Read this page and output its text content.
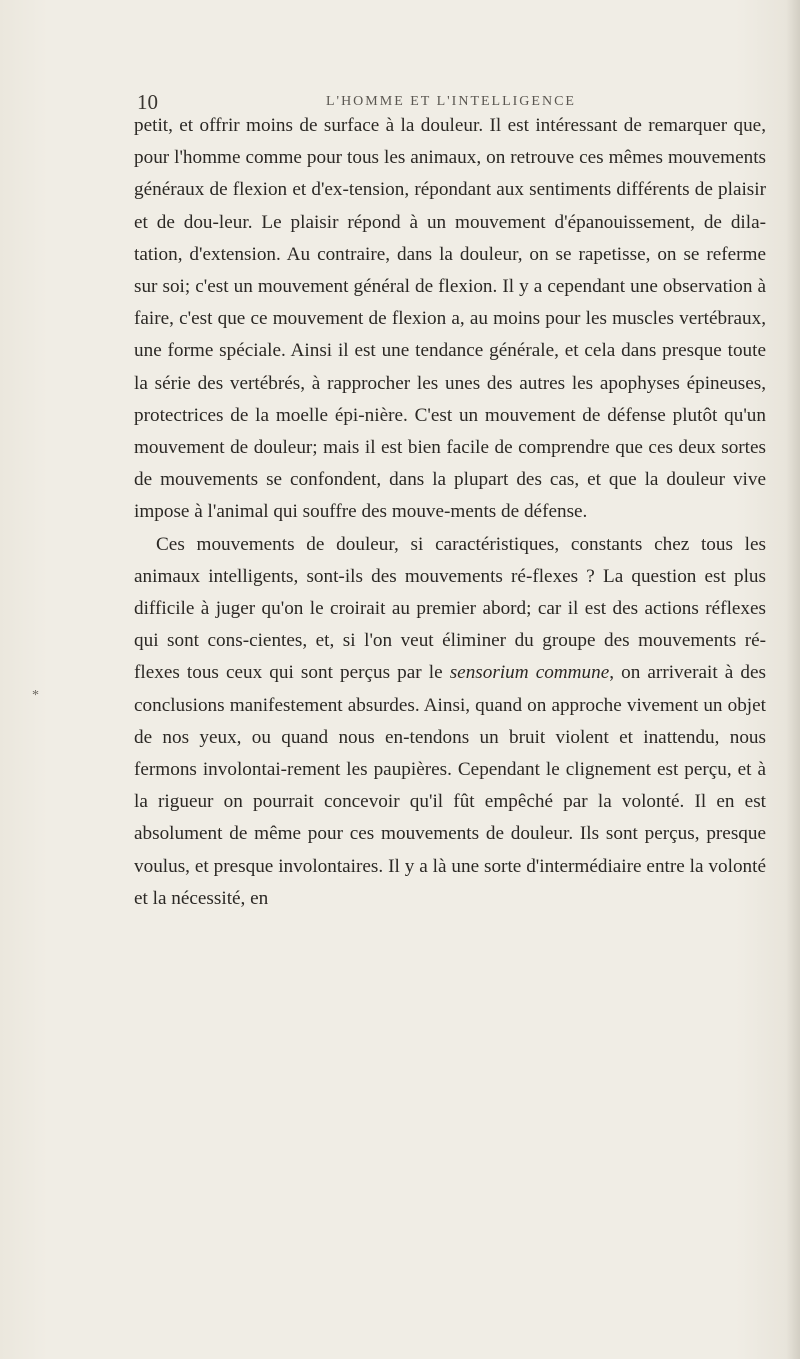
10	L'HOMME ET L'INTELLIGENCE
*

petit, et offrir moins de surface à la douleur. Il est intéressant de remarquer que, pour l'homme comme pour tous les animaux, on retrouve ces mêmes mouvements généraux de flexion et d'ex-tension, répondant aux sentiments différents de plaisir et de dou-leur. Le plaisir répond à un mouvement d'épanouissement, de dila-tation, d'extension. Au contraire, dans la douleur, on se rapetisse, on se referme sur soi; c'est un mouvement général de flexion. Il y a cependant une observation à faire, c'est que ce mouvement de flexion a, au moins pour les muscles vertébraux, une forme spéciale. Ainsi il est une tendance générale, et cela dans presque toute la série des vertébrés, à rapprocher les unes des autres les apophyses épineuses, protectrices de la moelle épi-nière. C'est un mouvement de défense plutôt qu'un mouvement de douleur; mais il est bien facile de comprendre que ces deux sortes de mouvements se confondent, dans la plupart des cas, et que la douleur vive impose à l'animal qui souffre des mouve-ments de défense.

Ces mouvements de douleur, si caractéristiques, constants chez tous les animaux intelligents, sont-ils des mouvements ré-flexes ? La question est plus difficile à juger qu'on le croirait au premier abord; car il est des actions réflexes qui sont cons-cientes, et, si l'on veut éliminer du groupe des mouvements ré-flexes tous ceux qui sont perçus par le sensorium commune, on arriverait à des conclusions manifestement absurdes. Ainsi, quand on approche vivement un objet de nos yeux, ou quand nous en-tendons un bruit violent et inattendu, nous fermons involontai-rement les paupières. Cependant le clignement est perçu, et à la rigueur on pourrait concevoir qu'il fût empêché par la volonté. Il en est absolument de même pour ces mouvements de douleur. Ils sont perçus, presque voulus, et presque involontaires. Il y a là une sorte d'intermédiaire entre la volonté et la nécessité, en
